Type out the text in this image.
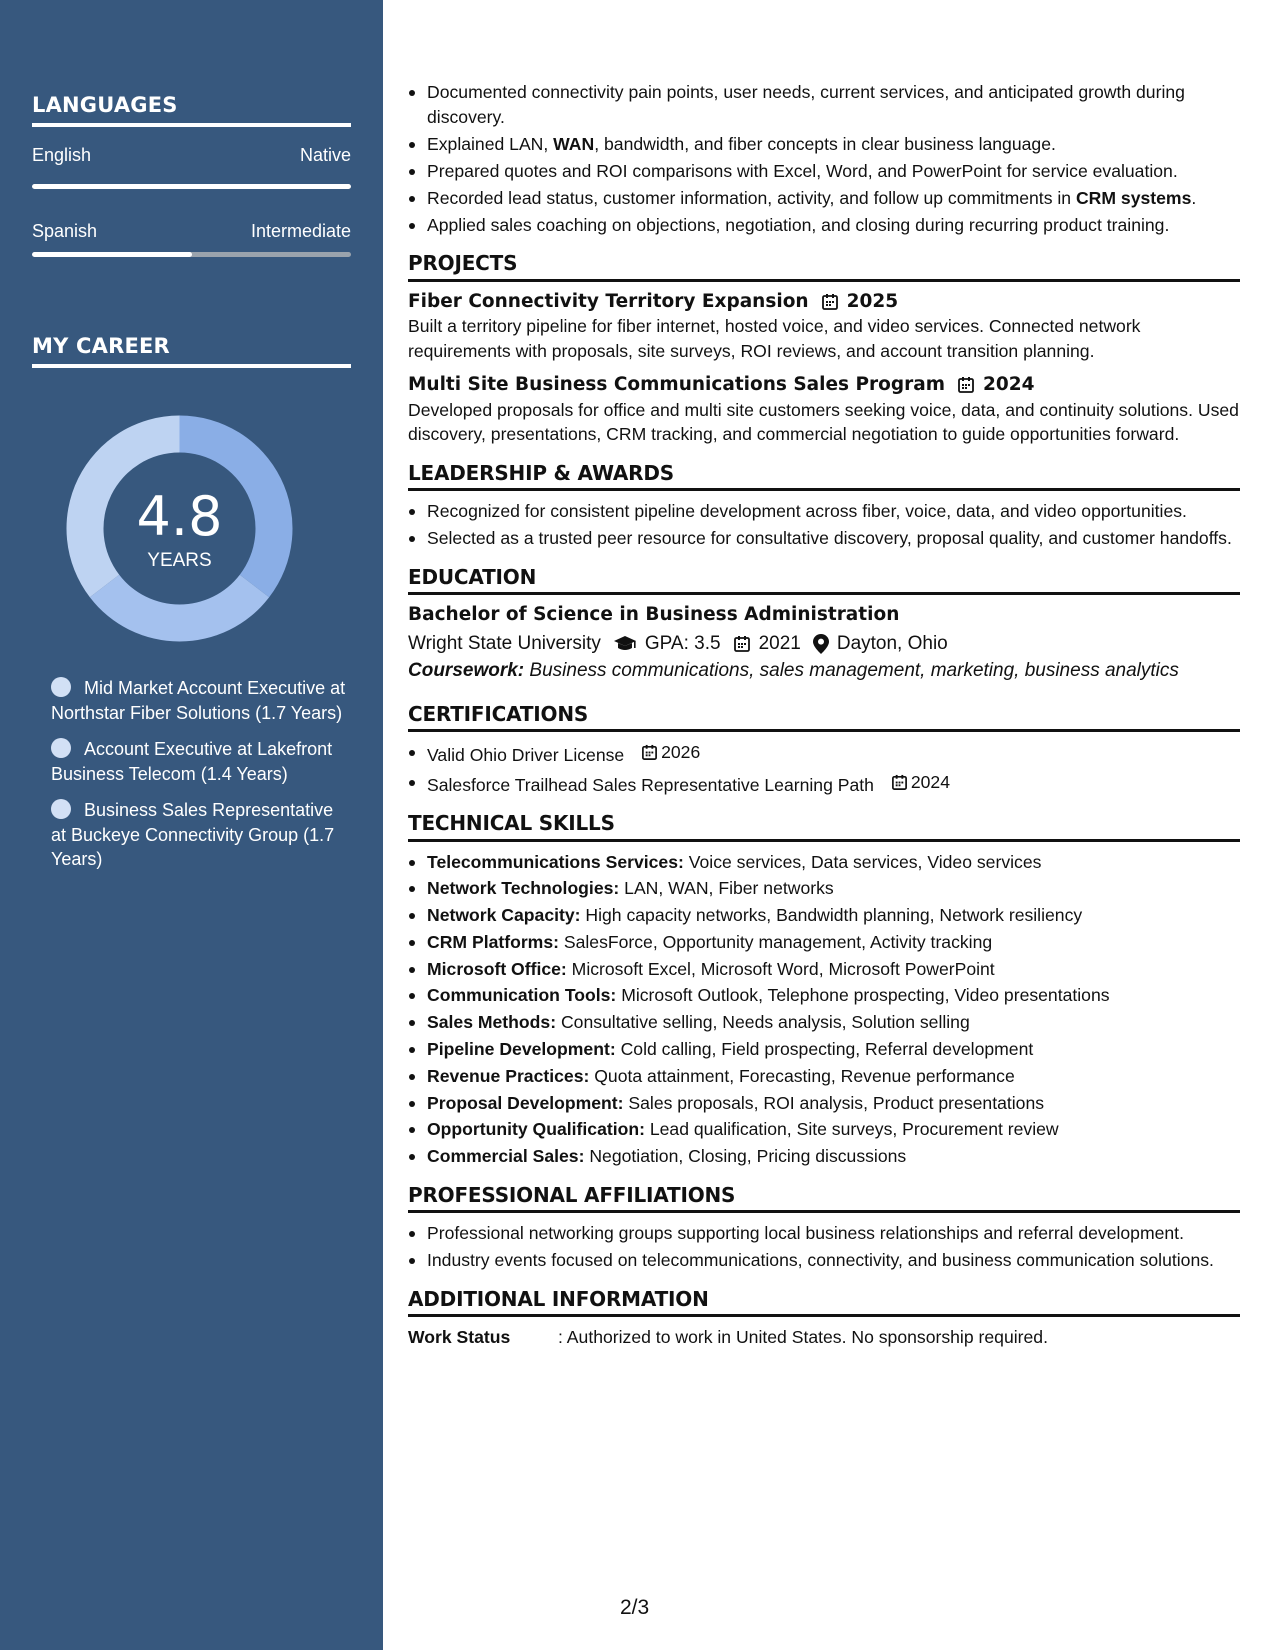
LANGUAGES
English	Native
Spanish	Intermediate
MY CAREER
4.8
YEARS
Mid Market Account Executive at Northstar Fiber Solutions (1.7 Years)
Account Executive at Lakefront Business Telecom (1.4 Years)
Business Sales Representative at Buckeye Connectivity Group (1.7 Years)
Documented connectivity pain points, user needs, current services, and anticipated growth during discovery.
Explained LAN, WAN, bandwidth, and fiber concepts in clear business language.
Prepared quotes and ROI comparisons with Excel, Word, and PowerPoint for service evaluation.
Recorded lead status, customer information, activity, and follow up commitments in CRM systems.
Applied sales coaching on objections, negotiation, and closing during recurring product training.
PROJECTS
Fiber Connectivity Territory Expansion 2025
Built a territory pipeline for fiber internet, hosted voice, and video services. Connected network requirements with proposals, site surveys, ROI reviews, and account transition planning.
Multi Site Business Communications Sales Program 2024
Developed proposals for office and multi site customers seeking voice, data, and continuity solutions. Used discovery, presentations, CRM tracking, and commercial negotiation to guide opportunities forward.
LEADERSHIP & AWARDS
Recognized for consistent pipeline development across fiber, voice, data, and video opportunities.
Selected as a trusted peer resource for consultative discovery, proposal quality, and customer handoffs.
EDUCATION
Bachelor of Science in Business Administration
Wright State University GPA: 3.5 2021 Dayton, Ohio
Coursework: Business communications, sales management, marketing, business analytics
CERTIFICATIONS
Valid Ohio Driver License 2026
Salesforce Trailhead Sales Representative Learning Path 2024
TECHNICAL SKILLS
Telecommunications Services: Voice services, Data services, Video services
Network Technologies: LAN, WAN, Fiber networks
Network Capacity: High capacity networks, Bandwidth planning, Network resiliency
CRM Platforms: SalesForce, Opportunity management, Activity tracking
Microsoft Office: Microsoft Excel, Microsoft Word, Microsoft PowerPoint
Communication Tools: Microsoft Outlook, Telephone prospecting, Video presentations
Sales Methods: Consultative selling, Needs analysis, Solution selling
Pipeline Development: Cold calling, Field prospecting, Referral development
Revenue Practices: Quota attainment, Forecasting, Revenue performance
Proposal Development: Sales proposals, ROI analysis, Product presentations
Opportunity Qualification: Lead qualification, Site surveys, Procurement review
Commercial Sales: Negotiation, Closing, Pricing discussions
PROFESSIONAL AFFILIATIONS
Professional networking groups supporting local business relationships and referral development.
Industry events focused on telecommunications, connectivity, and business communication solutions.
ADDITIONAL INFORMATION
Work Status	: Authorized to work in United States. No sponsorship required.
2/3
